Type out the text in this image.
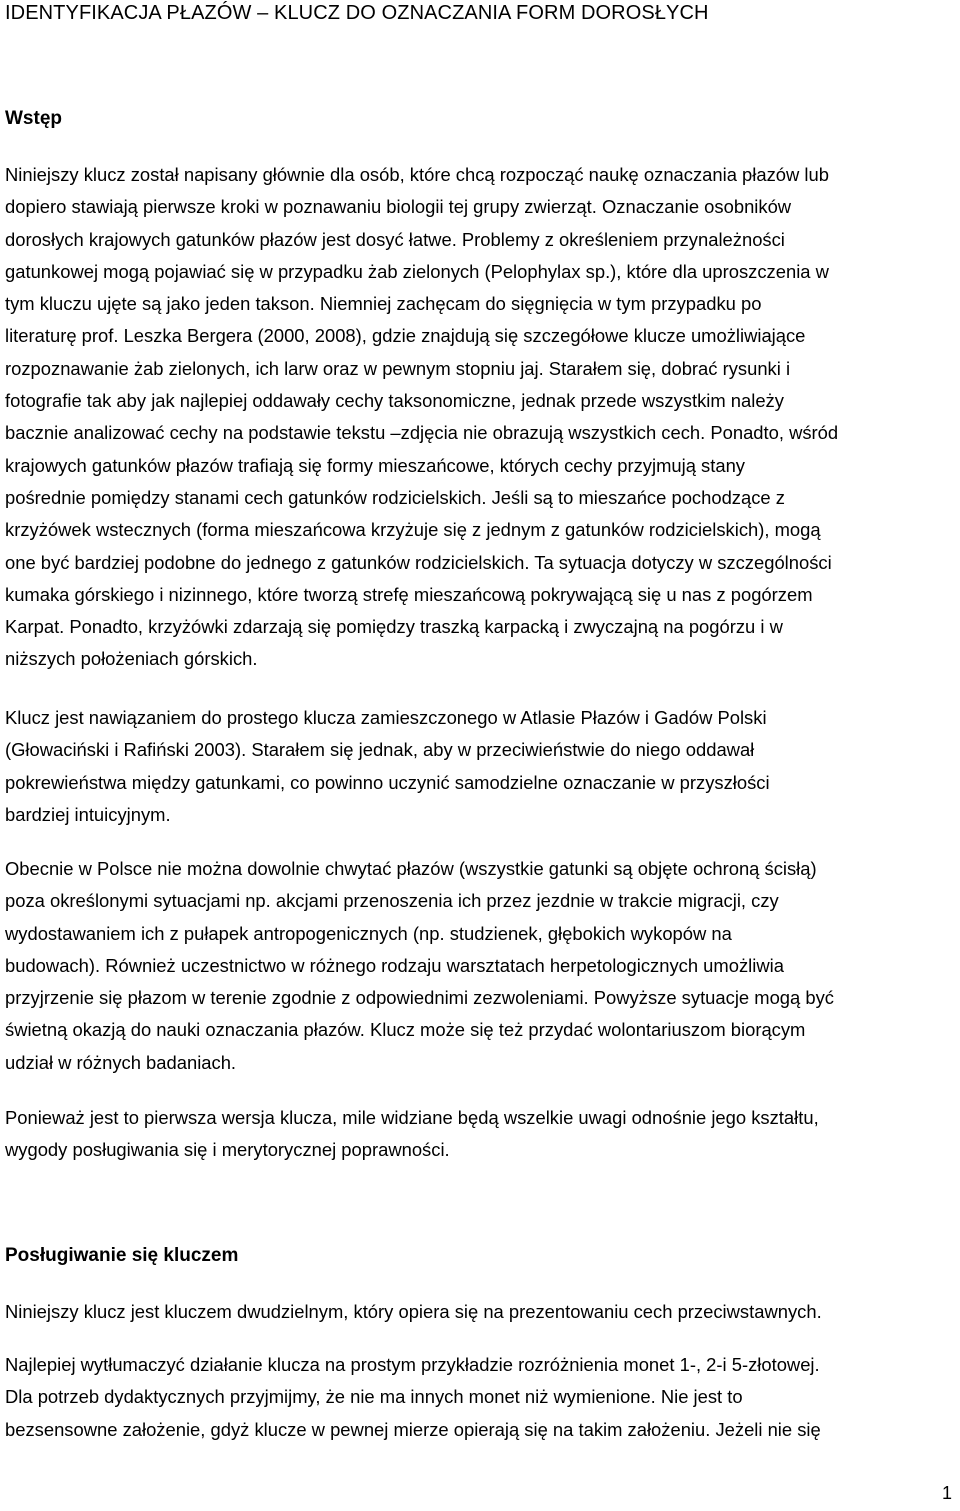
IDENTYFIKACJA PŁAZÓW – KLUCZ DO OZNACZANIA FORM DOROSŁYCH
Wstęp

Niniejszy klucz został napisany głównie dla osób, które chcą rozpocząć naukę oznaczania płazów lub
dopiero stawiają pierwsze kroki w poznawaniu biologii tej grupy zwierząt. Oznaczanie osobników
dorosłych krajowych gatunków płazów jest dosyć łatwe. Problemy z określeniem przynależności
gatunkowej mogą pojawiać się w przypadku żab zielonych (Pelophylax sp.), które dla uproszczenia w
tym kluczu ujęte są jako jeden takson. Niemniej zachęcam do sięgnięcia w tym przypadku po
literaturę prof. Leszka Bergera (2000, 2008), gdzie znajdują się szczegółowe klucze umożliwiające
rozpoznawanie żab zielonych, ich larw oraz w pewnym stopniu jaj. Starałem się, dobrać rysunki i
fotografie tak aby jak najlepiej oddawały cechy taksonomiczne, jednak przede wszystkim należy
bacznie analizować cechy na podstawie tekstu –zdjęcia nie obrazują wszystkich cech. Ponadto, wśród
krajowych gatunków płazów trafiają się formy mieszańcowe, których cechy przyjmują stany
pośrednie pomiędzy stanami cech gatunków rodzicielskich. Jeśli są to mieszańce pochodzące z
krzyżówek wstecznych (forma mieszańcowa krzyżuje się z jednym z gatunków rodzicielskich), mogą
one być bardziej podobne do jednego z gatunków rodzicielskich. Ta sytuacja dotyczy w szczególności
kumaka górskiego i nizinnego, które tworzą strefę mieszańcową pokrywającą się u nas z pogórzem
Karpat. Ponadto, krzyżówki zdarzają się pomiędzy traszką karpacką i zwyczajną na pogórzu i w
niższych położeniach górskich.

Klucz jest nawiązaniem do prostego klucza zamieszczonego w Atlasie Płazów i Gadów Polski
(Głowaciński i Rafiński 2003). Starałem się jednak, aby w przeciwieństwie do niego oddawał
pokrewieństwa między gatunkami, co powinno uczynić samodzielne oznaczanie w przyszłości
bardziej intuicyjnym.

Obecnie w Polsce nie można dowolnie chwytać płazów (wszystkie gatunki są objęte ochroną ścisłą)
poza określonymi sytuacjami np. akcjami przenoszenia ich przez jezdnie w trakcie migracji, czy
wydostawaniem ich z pułapek antropogenicznych (np. studzienek, głębokich wykopów na
budowach). Również uczestnictwo w różnego rodzaju warsztatach herpetologicznych umożliwia
przyjrzenie się płazom w terenie zgodnie z odpowiednimi zezwoleniami. Powyższe sytuacje mogą być
świetną okazją do nauki oznaczania płazów. Klucz może się też przydać wolontariuszom biorącym
udział w różnych badaniach.

Ponieważ jest to pierwsza wersja klucza, mile widziane będą wszelkie uwagi odnośnie jego kształtu,
wygody posługiwania się i merytorycznej poprawności.

Posługiwanie się kluczem

Niniejszy klucz jest kluczem dwudzielnym, który opiera się na prezentowaniu cech przeciwstawnych.

Najlepiej wytłumaczyć działanie klucza na prostym przykładzie rozróżnienia monet 1-, 2-i 5-złotowej.
Dla potrzeb dydaktycznych przyjmijmy, że nie ma innych monet niż wymienione. Nie jest to
bezsensowne założenie, gdyż klucze w pewnej mierze opierają się na takim założeniu. Jeżeli nie się

1
